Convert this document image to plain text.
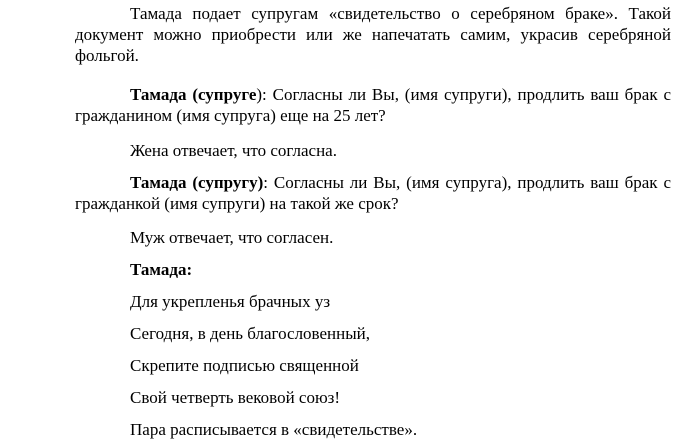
Тамада подает супругам «свидетельство о серебряном браке». Такой документ можно приобрести или же напечатать самим, украсив серебряной фольгой.

Тамада (супруге): Согласны ли Вы, (имя супруги), продлить ваш брак с гражданином (имя супруга) еще на 25 лет?

Жена отвечает, что согласна.

Тамада (супругу): Согласны ли Вы, (имя супруга), продлить ваш брак с гражданкой (имя супруги) на такой же срок?

Муж отвечает, что согласен.

Тамада:

Для укрепленья брачных уз

Сегодня, в день благословенный,

Скрепите подписью священной

Свой четверть вековой союз!

Пара расписывается в «свидетельстве».
